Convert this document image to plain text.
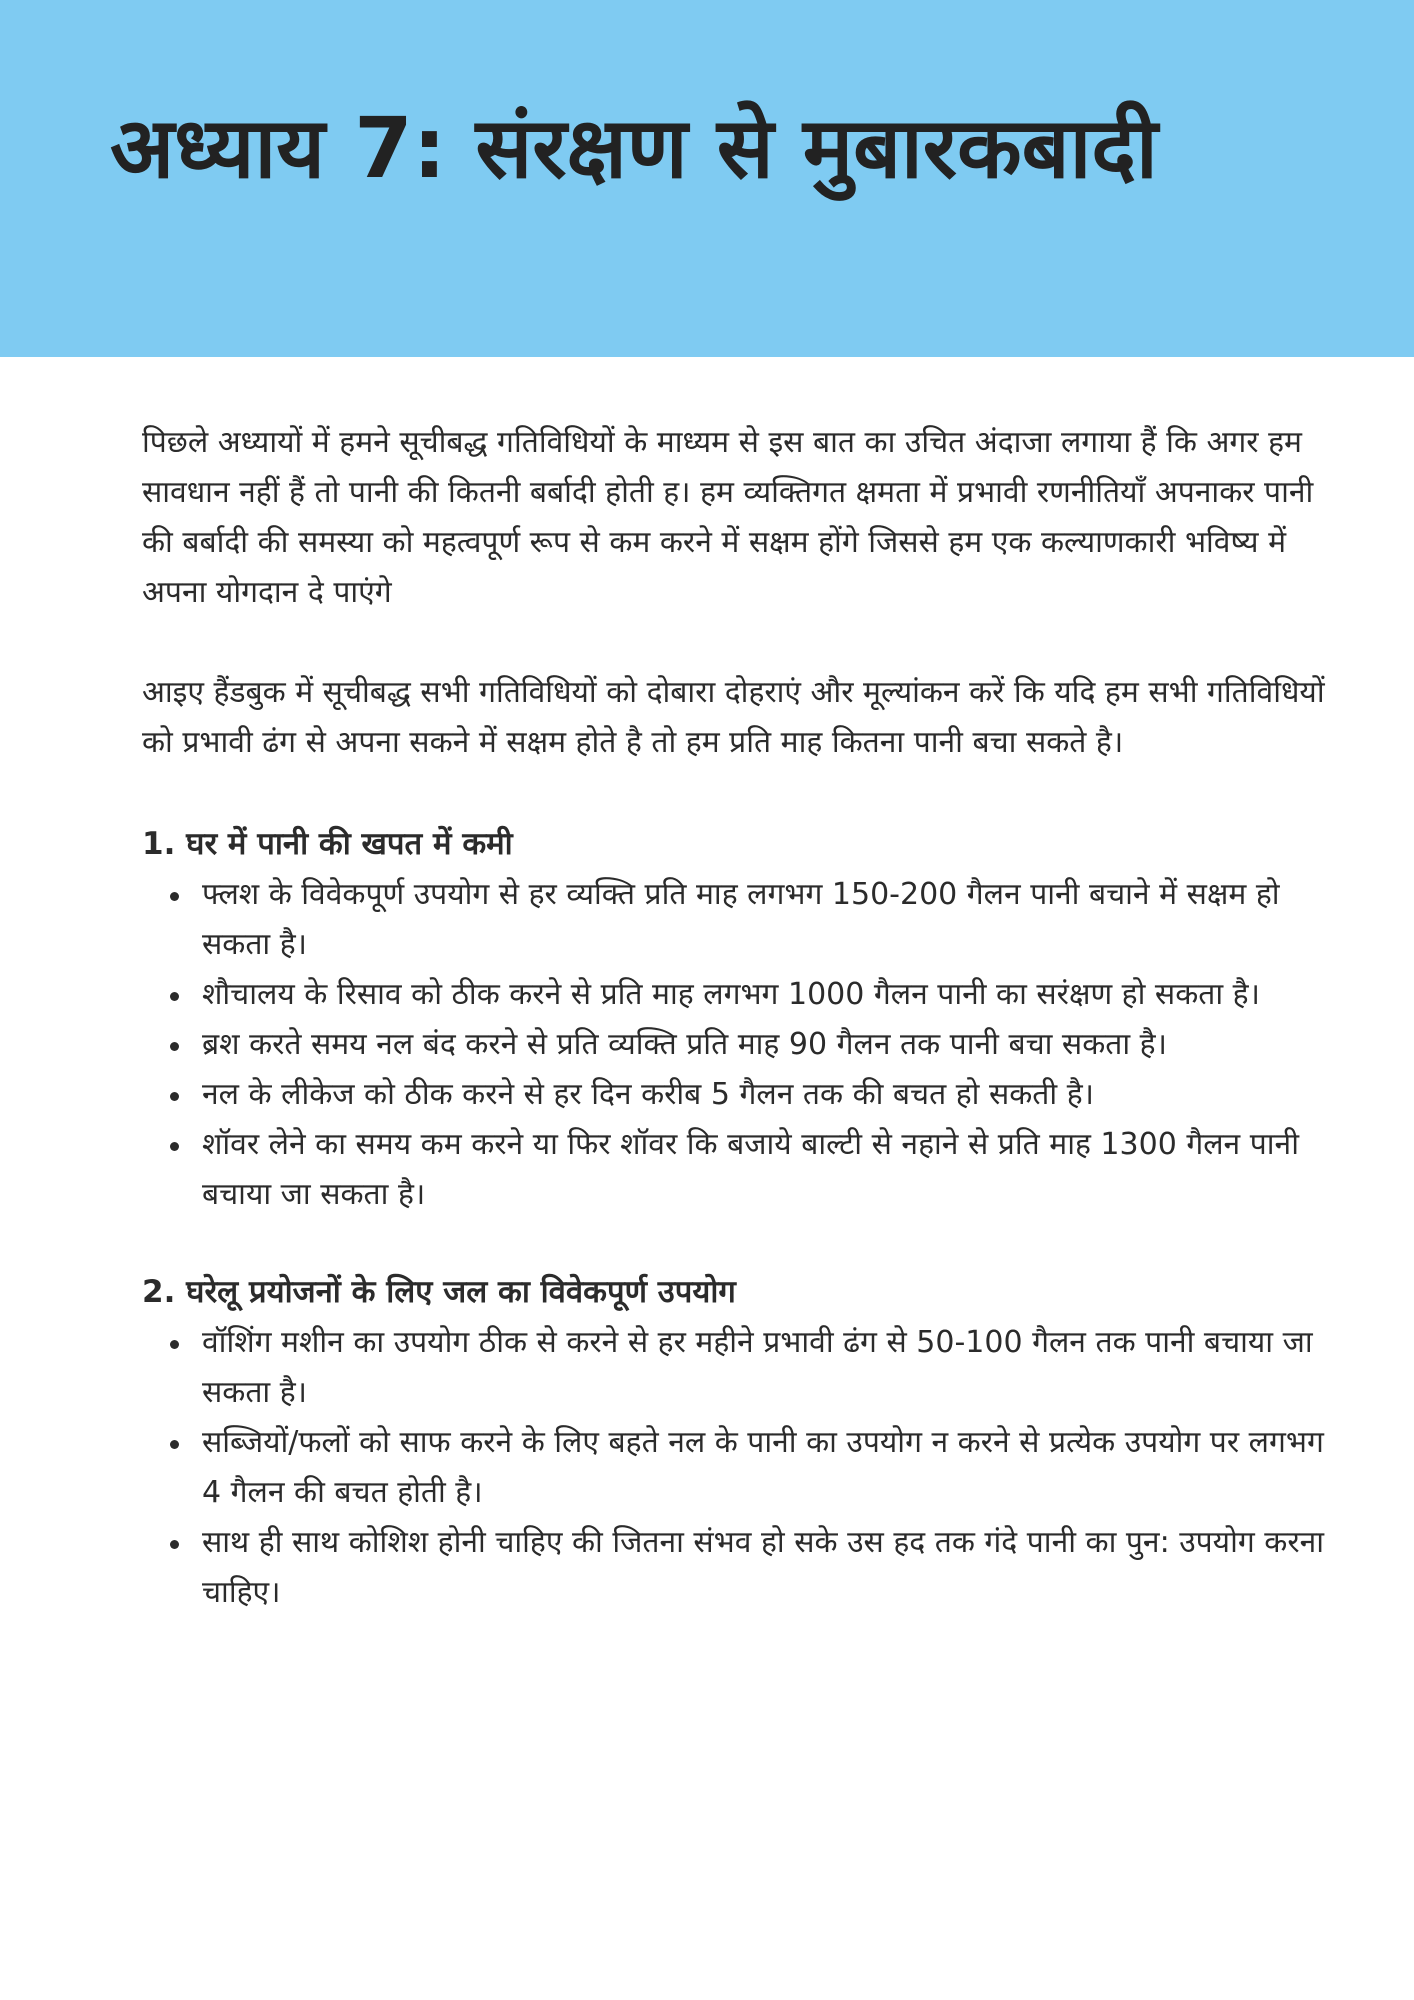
अध्याय 7: संरक्षण से मुबारकबादी

पिछले अध्यायों में हमने सूचीबद्ध गतिविधियों के माध्यम से इस बात का उचित अंदाजा लगाया हैं कि अगर हम सावधान नहीं हैं तो पानी की कितनी बर्बादी होती ह। हम व्यक्तिगत क्षमता में प्रभावी रणनीतियाँ अपनाकर पानी की बर्बादी की समस्या को महत्वपूर्ण रूप से कम करने में सक्षम होंगे जिससे हम एक कल्याणकारी भविष्य में अपना योगदान दे पाएंगे

आइए हैंडबुक में सूचीबद्ध सभी गतिविधियों को दोबारा दोहराएं और मूल्यांकन करें कि यदि हम सभी गतिविधियों को प्रभावी ढंग से अपना सकने में सक्षम होते है तो हम प्रति माह कितना पानी बचा सकते है।

1. घर में पानी की खपत में कमी
फ्लश के विवेकपूर्ण उपयोग से हर व्यक्ति प्रति माह लगभग 150-200 गैलन पानी बचाने में सक्षम हो सकता है।
शौचालय के रिसाव को ठीक करने से प्रति माह लगभग 1000 गैलन पानी का सरंक्षण हो सकता है।
ब्रश करते समय नल बंद करने से प्रति व्यक्ति प्रति माह 90 गैलन तक पानी बचा सकता है।
नल के लीकेज को ठीक करने से हर दिन करीब 5 गैलन तक की बचत हो सकती है।
शॉवर लेने का समय कम करने या फिर शॉवर कि बजाये बाल्टी से नहाने से प्रति माह 1300 गैलन पानी बचाया जा सकता है।
2. घरेलू प्रयोजनों के लिए जल का विवेकपूर्ण उपयोग
वॉशिंग मशीन का उपयोग ठीक से करने से हर महीने प्रभावी ढंग से 50-100 गैलन तक पानी बचाया जा सकता है।
सब्जियों/फलों को साफ करने के लिए बहते नल के पानी का उपयोग न करने से प्रत्येक उपयोग पर लगभग 4 गैलन की बचत होती है।
साथ ही साथ कोशिश होनी चाहिए की जितना संभव हो सके उस हद तक गंदे पानी का पुन: उपयोग करना चाहिए।
